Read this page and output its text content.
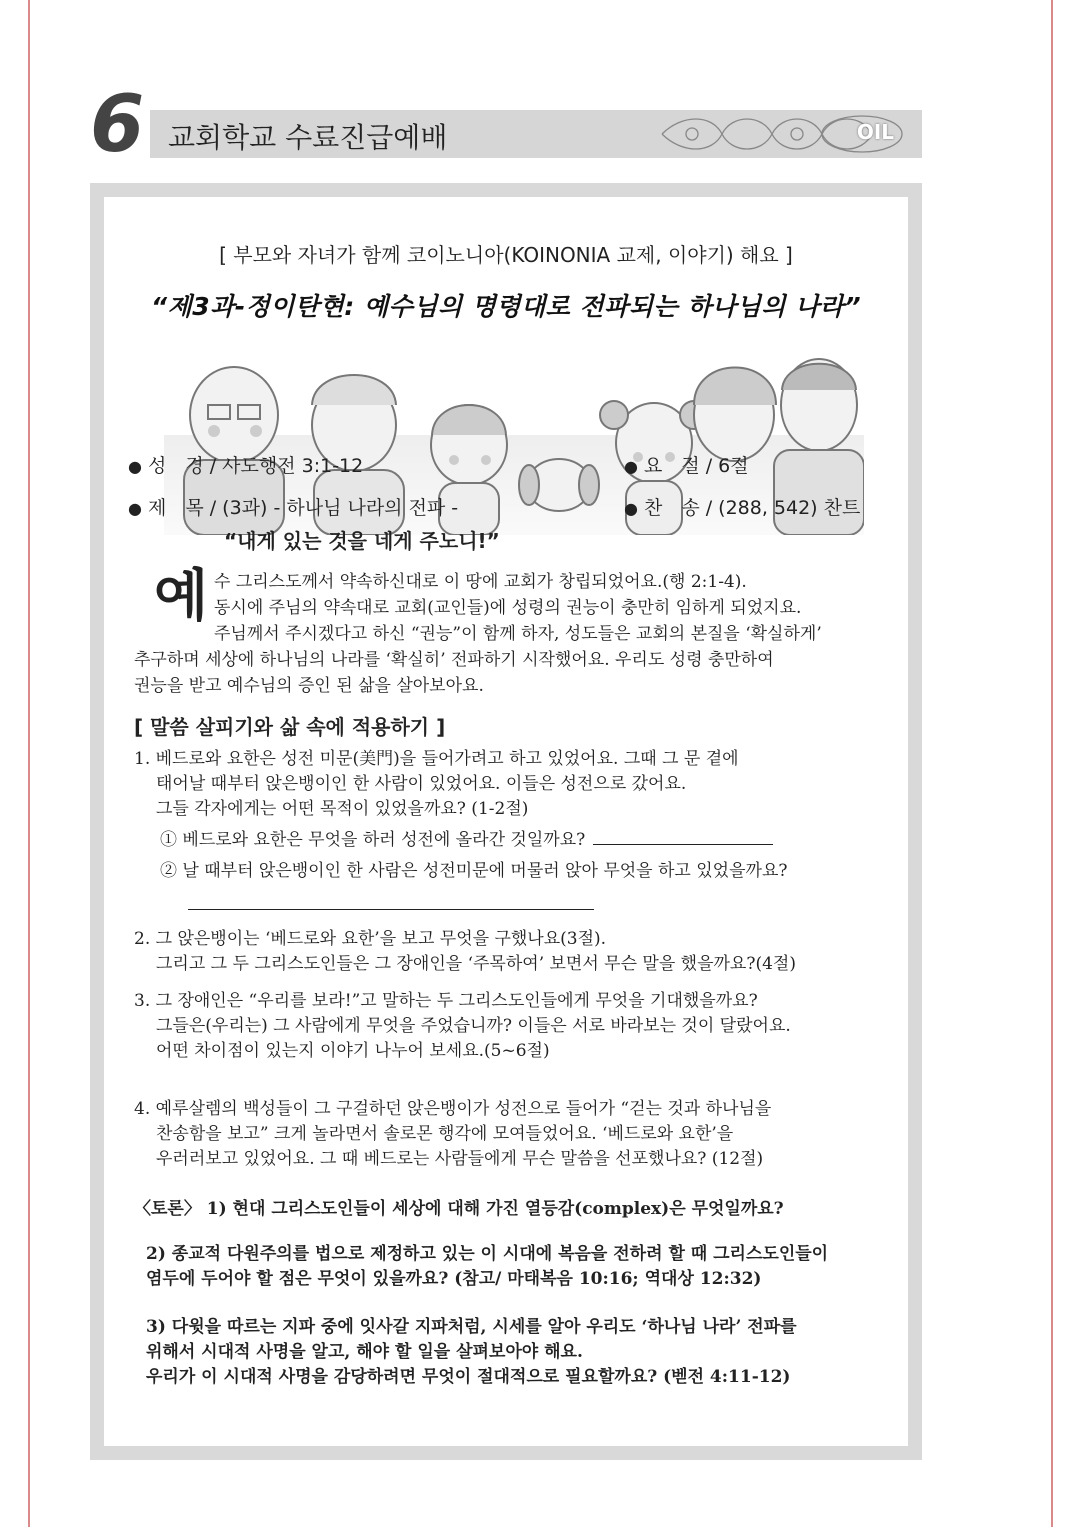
6 교회학교 수료진급예배	OIL
[ 부모와 자녀가 함께 코이노니아(KOINONIA 교제, 이야기) 해요 ]
“제3과-정이탄현: 예수님의 명령대로 전파되는 하나님의 나라”
● 성　경 / 사도행전 3:1-12	● 요　절 / 6절
● 제　목 / (3과) - 하나님 나라의 전파 -	● 찬　송 / (288, 542) 찬트
“내게 있는 것을 네게 주노니!”
예 수 그리스도께서 약속하신대로 이 땅에 교회가 창립되었어요.(행 2:1-4).
동시에 주님의 약속대로 교회(교인들)에 성령의 권능이 충만히 임하게 되었지요.
주님께서 주시겠다고 하신 “권능”이 함께 하자, 성도들은 교회의 본질을 ‘확실하게’
추구하며 세상에 하나님의 나라를 ‘확실히’ 전파하기 시작했어요. 우리도 성령 충만하여
권능을 받고 예수님의 증인 된 삶을 살아보아요.
[ 말씀 살피기와 삶 속에 적용하기 ]
1. 베드로와 요한은 성전 미문(美門)을 들어가려고 하고 있었어요. 그때 그 문 곁에
태어날 때부터 앉은뱅이인 한 사람이 있었어요. 이들은 성전으로 갔어요.
그들 각자에게는 어떤 목적이 있었을까요? (1-2절)
① 베드로와 요한은 무엇을 하러 성전에 올라간 것일까요?
② 날 때부터 앉은뱅이인 한 사람은 성전미문에 머물러 앉아 무엇을 하고 있었을까요?
2. 그 앉은뱅이는 ‘베드로와 요한’을 보고 무엇을 구했나요(3절).
그리고 그 두 그리스도인들은 그 장애인을 ‘주목하여’ 보면서 무슨 말을 했을까요?(4절)
3. 그 장애인은 “우리를 보라!”고 말하는 두 그리스도인들에게 무엇을 기대했을까요?
그들은(우리는) 그 사람에게 무엇을 주었습니까? 이들은 서로 바라보는 것이 달랐어요.
어떤 차이점이 있는지 이야기 나누어 보세요.(5~6절)
4. 예루살렘의 백성들이 그 구걸하던 앉은뱅이가 성전으로 들어가 “걷는 것과 하나님을
찬송함을 보고” 크게 놀라면서 솔로몬 행각에 모여들었어요. ‘베드로와 요한’을
우러러보고 있었어요. 그 때 베드로는 사람들에게 무슨 말씀을 선포했나요? (12절)
〈토론〉 1) 현대 그리스도인들이 세상에 대해 가진 열등감(complex)은 무엇일까요?
2) 종교적 다원주의를 법으로 제정하고 있는 이 시대에 복음을 전하려 할 때 그리스도인들이
염두에 두어야 할 점은 무엇이 있을까요? (참고/ 마태복음 10:16; 역대상 12:32)
3) 다윗을 따르는 지파 중에 잇사갈 지파처럼, 시세를 알아 우리도 ‘하나님 나라’ 전파를
위해서 시대적 사명을 알고, 해야 할 일을 살펴보아야 해요.
우리가 이 시대적 사명을 감당하려면 무엇이 절대적으로 필요할까요? (벧전 4:11-12)
